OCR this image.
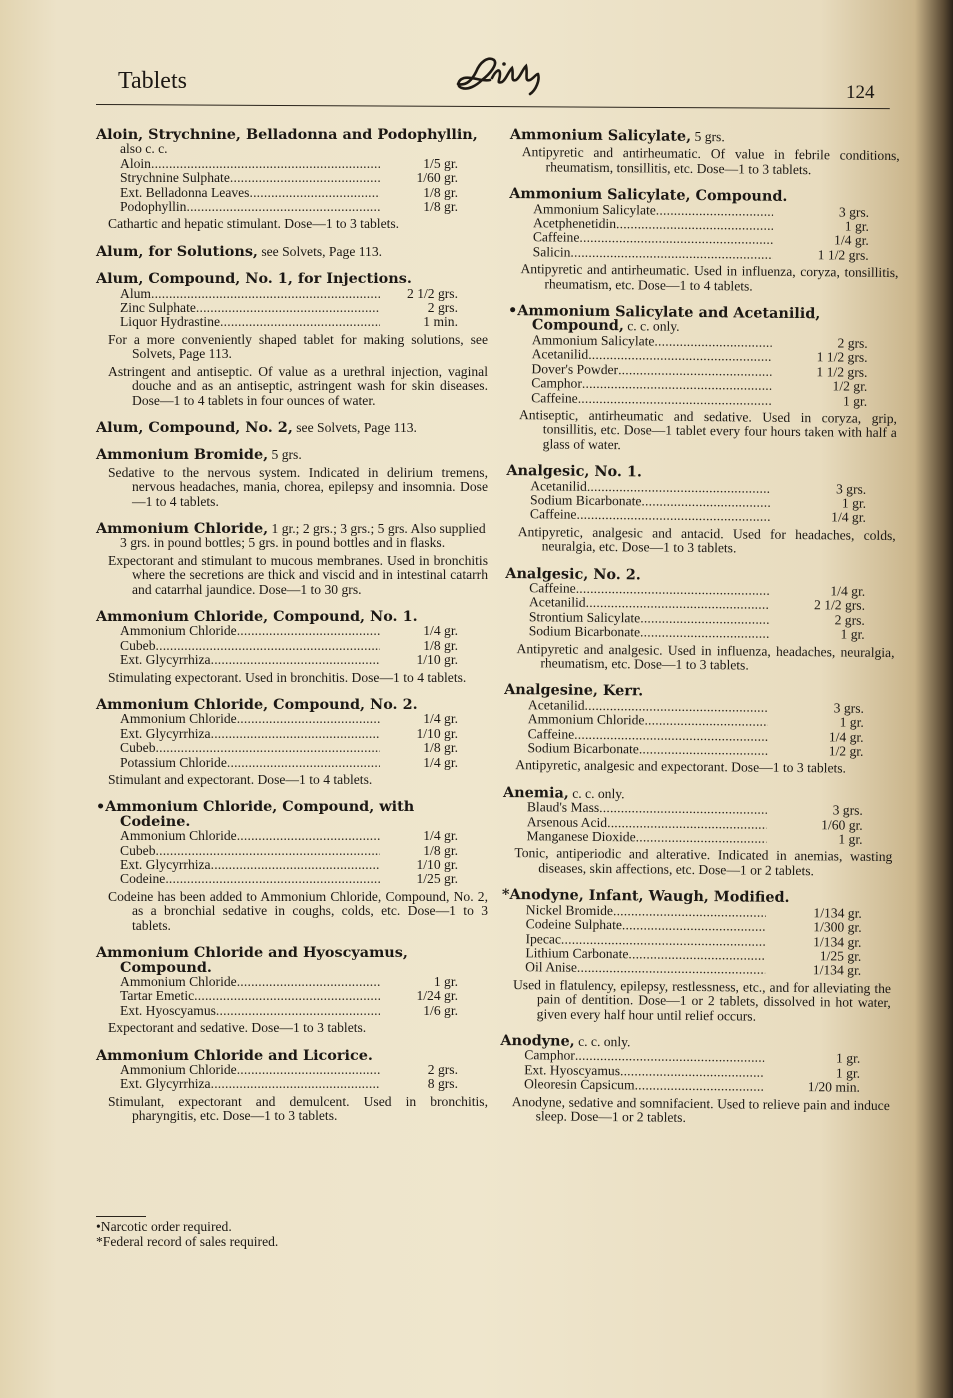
Tablets	124
Aloin, Strychnine, Belladonna and Podophyllin, also c. c.
Aloin . . .	1/5 gr.
Strychnine Sulphate . . .	1/60 gr.
Ext. Belladonna Leaves . . .	1/8 gr.
Podophyllin . . .	1/8 gr.
Cathartic and hepatic stimulant. Dose—1 to 3 tablets.
Alum, for Solutions, see Solvets, Page 113.
Alum, Compound, No. 1, for Injections.
Alum . . .	2 1/2 grs.
Zinc Sulphate . . .	2 grs.
Liquor Hydrastine . . .	1 min.
For a more conveniently shaped tablet for making solutions, see Solvets, Page 113.
Astringent and antiseptic. Of value as a urethral injection, vaginal douche and as an antiseptic, astringent wash for skin diseases. Dose—1 to 4 tablets in four ounces of water.
Alum, Compound, No. 2, see Solvets, Page 113.
Ammonium Bromide, 5 grs.
Sedative to the nervous system. Indicated in delirium tremens, nervous headaches, mania, chorea, epilepsy and insomnia. Dose—1 to 4 tablets.
Ammonium Chloride, 1 gr.; 2 grs.; 3 grs.; 5 grs. Also supplied 3 grs. in pound bottles; 5 grs. in pound bottles and in flasks.
Expectorant and stimulant to mucous membranes. Used in bronchitis where the secretions are thick and viscid and in intestinal catarrh and catarrhal jaundice. Dose—1 to 30 grs.
Ammonium Chloride, Compound, No. 1.
Ammonium Chloride . . .	1/4 gr.
Cubeb . . .	1/8 gr.
Ext. Glycyrrhiza . . .	1/10 gr.
Stimulating expectorant. Used in bronchitis. Dose—1 to 4 tablets.
Ammonium Chloride, Compound, No. 2.
Ammonium Chloride . . .	1/4 gr.
Ext. Glycyrrhiza . . .	1/10 gr.
Cubeb . . .	1/8 gr.
Potassium Chloride . . .	1/4 gr.
Stimulant and expectorant. Dose—1 to 4 tablets.
•Ammonium Chloride, Compound, with Codeine.
Ammonium Chloride . . .	1/4 gr.
Cubeb . . .	1/8 gr.
Ext. Glycyrrhiza . . .	1/10 gr.
Codeine . . .	1/25 gr.
Codeine has been added to Ammonium Chloride, Compound, No. 2, as a bronchial sedative in coughs, colds, etc. Dose—1 to 3 tablets.
Ammonium Chloride and Hyoscyamus, Compound.
Ammonium Chloride . . .	1 gr.
Tartar Emetic . . .	1/24 gr.
Ext. Hyoscyamus . . .	1/6 gr.
Expectorant and sedative. Dose—1 to 3 tablets.
Ammonium Chloride and Licorice.
Ammonium Chloride . . .	2 grs.
Ext. Glycyrrhiza . . .	8 grs.
Stimulant, expectorant and demulcent. Used in bronchitis, pharyngitis, etc. Dose—1 to 3 tablets.
Ammonium Salicylate, 5 grs.
Antipyretic and antirheumatic. Of value in febrile conditions, rheumatism, tonsillitis, etc. Dose—1 to 3 tablets.
Ammonium Salicylate, Compound.
Ammonium Salicylate . . .	3 grs.
Acetphenetidin . . .	1 gr.
Caffeine . . .	1/4 gr.
Salicin . . .	1 1/2 grs.
Antipyretic and antirheumatic. Used in influenza, coryza, tonsillitis, rheumatism, etc. Dose—1 to 4 tablets.
•Ammonium Salicylate and Acetanilid, Compound, c. c. only.
Ammonium Salicylate . . .	2 grs.
Acetanilid . . .	1 1/2 grs.
Dover's Powder . . .	1 1/2 grs.
Camphor . . .	1/2 gr.
Caffeine . . .	1 gr.
Antiseptic, antirheumatic and sedative. Used in coryza, grip, tonsillitis, etc. Dose—1 tablet every four hours taken with half a glass of water.
Analgesic, No. 1.
Acetanilid . . .	3 grs.
Sodium Bicarbonate . . .	1 gr.
Caffeine . . .	1/4 gr.
Antipyretic, analgesic and antacid. Used for headaches, colds, neuralgia, etc. Dose—1 to 3 tablets.
Analgesic, No. 2.
Caffeine . . .	1/4 gr.
Acetanilid . . .	2 1/2 grs.
Strontium Salicylate . . .	2 grs.
Sodium Bicarbonate . . .	1 gr.
Antipyretic and analgesic. Used in influenza, headaches, neuralgia, rheumatism, etc. Dose—1 to 3 tablets.
Analgesine, Kerr.
Acetanilid . . .	3 grs.
Ammonium Chloride . . .	1 gr.
Caffeine . . .	1/4 gr.
Sodium Bicarbonate . . .	1/2 gr.
Antipyretic, analgesic and expectorant. Dose—1 to 3 tablets.
Anemia, c. c. only.
Blaud's Mass . . .	3 grs.
Arsenous Acid . . .	1/60 gr.
Manganese Dioxide . . .	1 gr.
Tonic, antiperiodic and alterative. Indicated in anemias, wasting diseases, skin affections, etc. Dose—1 or 2 tablets.
*Anodyne, Infant, Waugh, Modified.
Nickel Bromide . . .	1/134 gr.
Codeine Sulphate . . .	1/300 gr.
Ipecac . . .	1/134 gr.
Lithium Carbonate . . .	1/25 gr.
Oil Anise . . .	1/134 gr.
Used in flatulency, epilepsy, restlessness, etc., and for alleviating the pain of dentition. Dose—1 or 2 tablets, dissolved in hot water, given every half hour until relief occurs.
Anodyne, c. c. only.
Camphor . . .	1 gr.
Ext. Hyoscyamus . . .	1 gr.
Oleoresin Capsicum . . .	1/20 min.
Anodyne, sedative and somnifacient. Used to relieve pain and induce sleep. Dose—1 or 2 tablets.
•Narcotic order required.
*Federal record of sales required.
